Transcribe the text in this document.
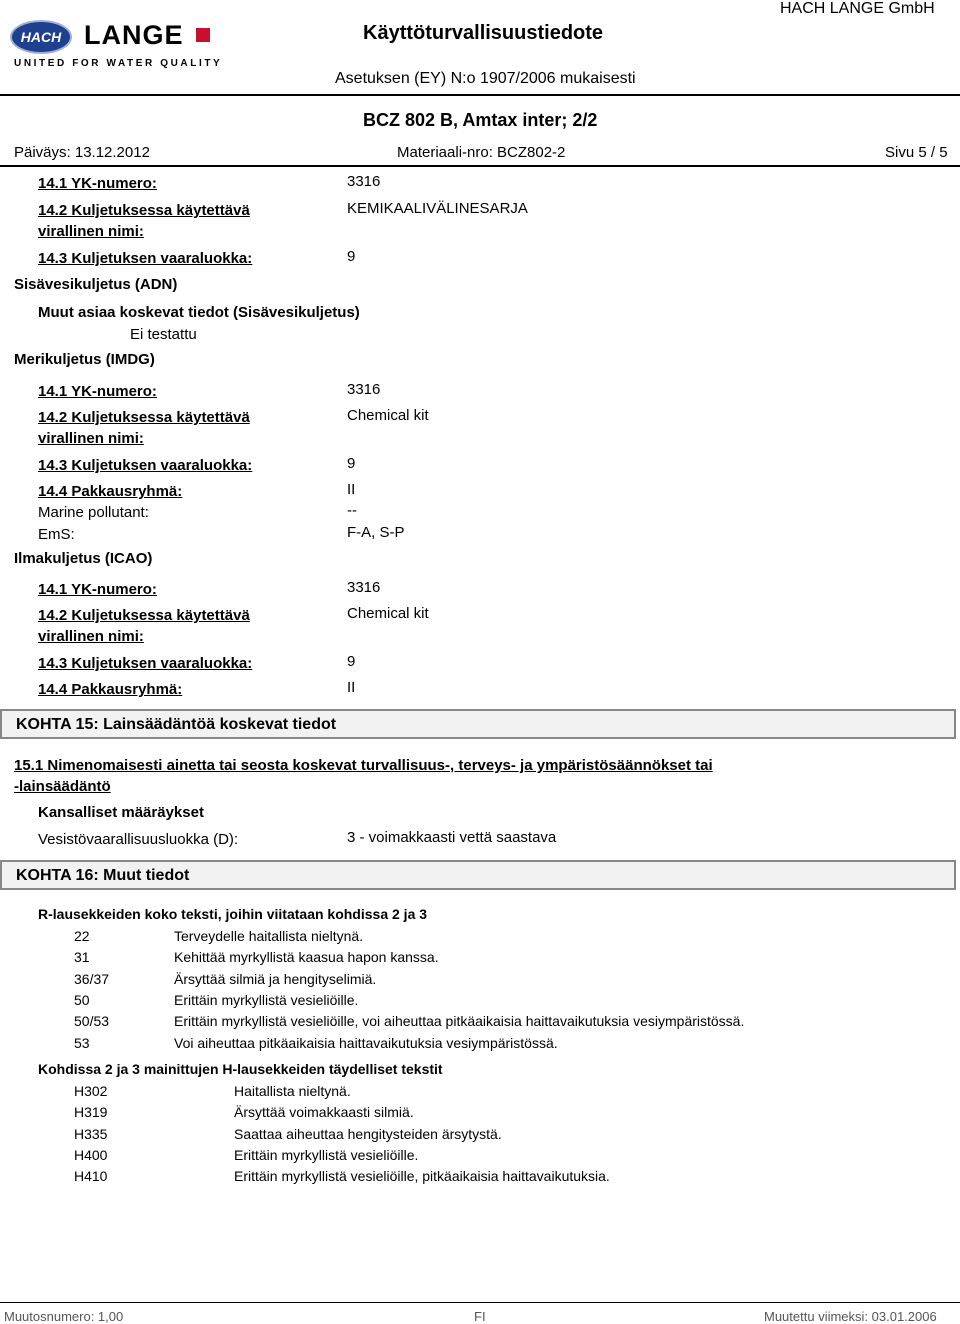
HACH LANGE
UNITED FOR WATER QUALITY
Käyttöturvallisuustiedote
HACH LANGE GmbH
Asetuksen (EY) N:o 1907/2006 mukaisesti
BCZ 802 B, Amtax inter; 2/2
Päiväys: 13.12.2012	Materiaali-nro: BCZ802-2	Sivu 5 / 5
14.1 YK-numero:	3316
14.2 Kuljetuksessa käytettävä
virallinen nimi:
KEMIKAALIVÄLINESARJA
14.3 Kuljetuksen vaaraluokka:	9
Sisävesikuljetus (ADN)
Muut asiaa koskevat tiedot (Sisävesikuljetus)
Ei testattu
Merikuljetus (IMDG)
14.1 YK-numero:	3316
14.2 Kuljetuksessa käytettävä
virallinen nimi:
Chemical kit
14.3 Kuljetuksen vaaraluokka:	9
14.4 Pakkausryhmä:	II
Marine pollutant:	--
EmS:	F-A, S-P
Ilmakuljetus (ICAO)
14.1 YK-numero:	3316
14.2 Kuljetuksessa käytettävä
virallinen nimi:
Chemical kit
14.3 Kuljetuksen vaaraluokka:	9
14.4 Pakkausryhmä:	II
KOHTA 15: Lainsäädäntöä koskevat tiedot
15.1 Nimenomaisesti ainetta tai seosta koskevat turvallisuus-, terveys- ja ympäristösäännökset tai
-lainsäädäntö
Kansalliset määräykset
Vesistövaarallisuusluokka (D):	3 - voimakkaasti vettä saastava
KOHTA 16: Muut tiedot
R-lausekkeiden koko teksti, joihin viitataan kohdissa 2 ja 3
22	Terveydelle haitallista nieltynä.
31	Kehittää myrkyllistä kaasua hapon kanssa.
36/37	Ärsyttää silmiä ja hengityselimiä.
50	Erittäin myrkyllistä vesieliöille.
50/53	Erittäin myrkyllistä vesieliöille, voi aiheuttaa pitkäaikaisia haittavaikutuksia vesiympäristössä.
53	Voi aiheuttaa pitkäaikaisia haittavaikutuksia vesiympäristössä.
Kohdissa 2 ja 3 mainittujen H-lausekkeiden täydelliset tekstit
H302	Haitallista nieltynä.
H319	Ärsyttää voimakkaasti silmiä.
H335	Saattaa aiheuttaa hengitysteiden ärsytystä.
H400	Erittäin myrkyllistä vesieliöille.
H410	Erittäin myrkyllistä vesieliöille, pitkäaikaisia haittavaikutuksia.
Muutosnumero: 1,00	FI	Muutettu viimeksi: 03.01.2006
